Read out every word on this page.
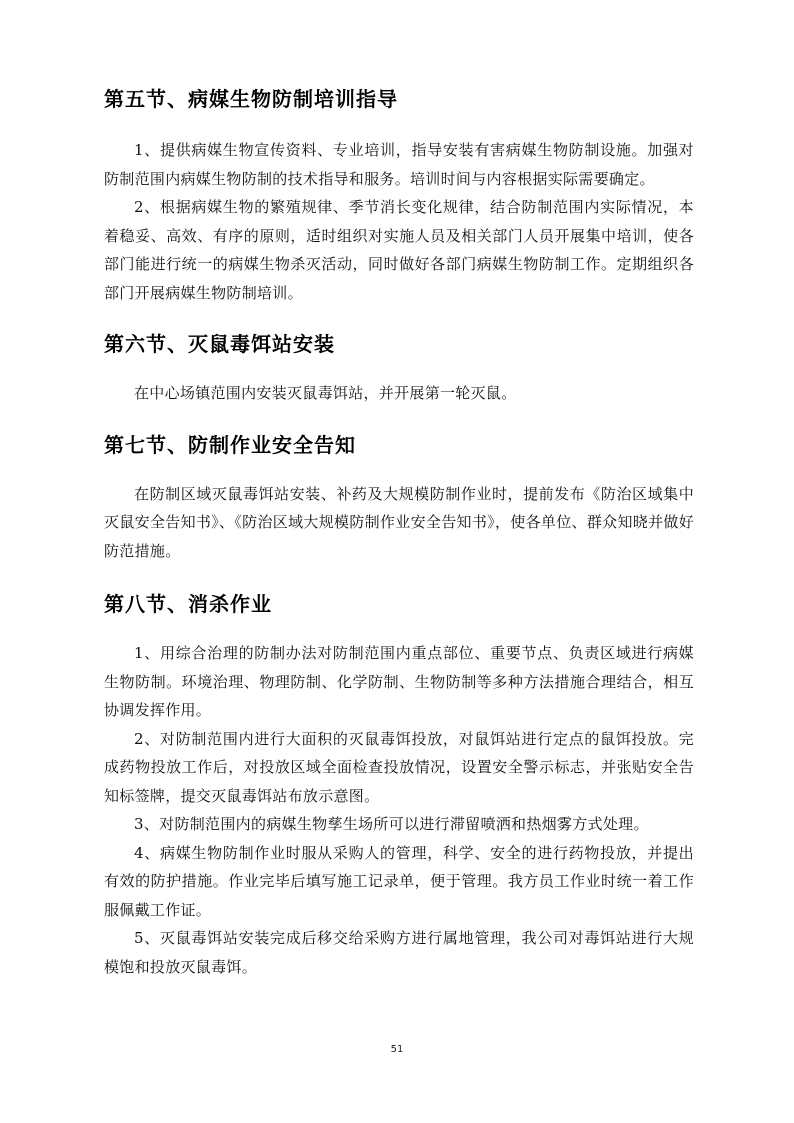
第五节、病媒生物防制培训指导

1、提供病媒生物宣传资料、专业培训，指导安装有害病媒生物防制设施。加强对防制范围内病媒生物防制的技术指导和服务。培训时间与内容根据实际需要确定。

2、根据病媒生物的繁殖规律、季节消长变化规律，结合防制范围内实际情况，本着稳妥、高效、有序的原则，适时组织对实施人员及相关部门人员开展集中培训，使各部门能进行统一的病媒生物杀灭活动，同时做好各部门病媒生物防制工作。定期组织各部门开展病媒生物防制培训。

第六节、灭鼠毒饵站安装

在中心场镇范围内安装灭鼠毒饵站，并开展第一轮灭鼠。

第七节、防制作业安全告知

在防制区域灭鼠毒饵站安装、补药及大规模防制作业时，提前发布《防治区域集中灭鼠安全告知书》、《防治区域大规模防制作业安全告知书》，使各单位、群众知晓并做好防范措施。

第八节、消杀作业

1、用综合治理的防制办法对防制范围内重点部位、重要节点、负责区域进行病媒生物防制。环境治理、物理防制、化学防制、生物防制等多种方法措施合理结合，相互协调发挥作用。

2、对防制范围内进行大面积的灭鼠毒饵投放，对鼠饵站进行定点的鼠饵投放。完成药物投放工作后，对投放区域全面检查投放情况，设置安全警示标志，并张贴安全告知标签牌，提交灭鼠毒饵站布放示意图。

3、对防制范围内的病媒生物孳生场所可以进行滞留喷洒和热烟雾方式处理。

4、病媒生物防制作业时服从采购人的管理，科学、安全的进行药物投放，并提出有效的防护措施。作业完毕后填写施工记录单，便于管理。我方员工作业时统一着工作服佩戴工作证。

5、灭鼠毒饵站安装完成后移交给采购方进行属地管理，我公司对毒饵站进行大规模饱和投放灭鼠毒饵。

51
